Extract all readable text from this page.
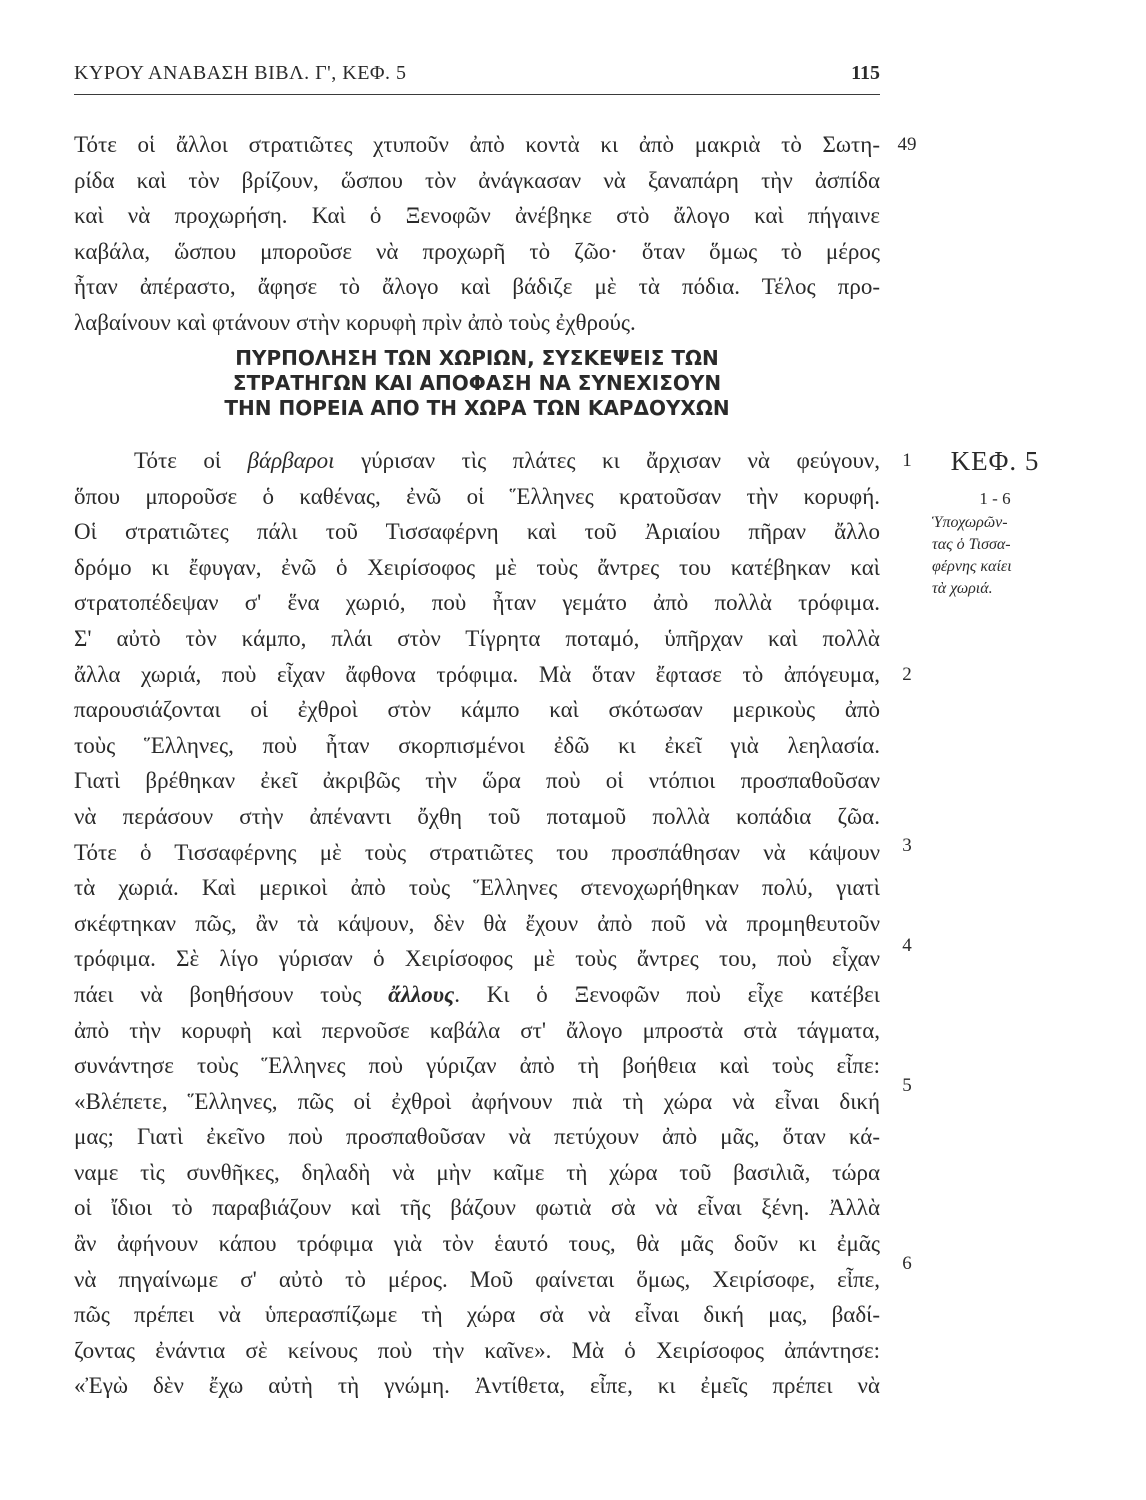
ΚΥΡΟΥ ΑΝΑΒΑΣΗ ΒΙΒΛ. Γ', ΚΕΦ. 5	115
Τότε οἱ ἄλλοι στρατιῶτες χτυποῦν ἀπὸ κοντὰ κι ἀπὸ μακριὰ τὸ Σωτη-
ρίδα καὶ τὸν βρίζουν, ὥσπου τὸν ἀνάγκασαν νὰ ξαναπάρη τὴν ἀσπίδα
καὶ νὰ προχωρήση. Καὶ ὁ Ξενοφῶν ἀνέβηκε στὸ ἄλογο καὶ πήγαινε
καβάλα, ὥσπου μποροῦσε νὰ προχωρῆ τὸ ζῶο· ὅταν ὅμως τὸ μέρος
ἦταν ἀπέραστο, ἄφησε τὸ ἄλογο καὶ βάδιζε μὲ τὰ πόδια. Τέλος προ-
λαβαίνουν καὶ φτάνουν στὴν κορυφὴ πρὶν ἀπὸ τοὺς ἐχθρούς.
ΠΥΡΠΟΛΗΣΗ ΤΩΝ ΧΩΡΙΩΝ, ΣΥΣΚΕΨΕΙΣ ΤΩΝ
ΣΤΡΑΤΗΓΩΝ ΚΑΙ ΑΠΟΦΑΣΗ ΝΑ ΣΥΝΕΧΙΣΟΥΝ
ΤΗΝ ΠΟΡΕΙΑ ΑΠΟ ΤΗ ΧΩΡΑ ΤΩΝ ΚΑΡΔΟΥΧΩΝ
Τότε οἱ βάρβαροι γύρισαν τὶς πλάτες κι ἄρχισαν νὰ φεύγουν,
ὅπου μποροῦσε ὁ καθένας, ἐνῶ οἱ Ἕλληνες κρατοῦσαν τὴν κορυφή.
Οἱ στρατιῶτες πάλι τοῦ Τισσαφέρνη καὶ τοῦ Ἀριαίου πῆραν ἄλλο
δρόμο κι ἔφυγαν, ἐνῶ ὁ Χειρίσοφος μὲ τοὺς ἄντρες του κατέβηκαν καὶ
στρατοπέδεψαν σ' ἕνα χωριό, ποὺ ἦταν γεμάτο ἀπὸ πολλὰ τρόφιμα.
Σ' αὐτὸ τὸν κάμπο, πλάι στὸν Τίγρητα ποταμό, ὑπῆρχαν καὶ πολλὰ
ἄλλα χωριά, ποὺ εἶχαν ἄφθονα τρόφιμα. Μὰ ὅταν ἔφτασε τὸ ἀπόγευμα,
παρουσιάζονται οἱ ἐχθροὶ στὸν κάμπο καὶ σκότωσαν μερικοὺς ἀπὸ
τοὺς Ἕλληνες, ποὺ ἦταν σκορπισμένοι ἐδῶ κι ἐκεῖ γιὰ λεηλασία.
Γιατὶ βρέθηκαν ἐκεῖ ἀκριβῶς τὴν ὥρα ποὺ οἱ ντόπιοι προσπαθοῦσαν
νὰ περάσουν στὴν ἀπέναντι ὄχθη τοῦ ποταμοῦ πολλὰ κοπάδια ζῶα.
Τότε ὁ Τισσαφέρνης μὲ τοὺς στρατιῶτες του προσπάθησαν νὰ κάψουν
τὰ χωριά. Καὶ μερικοὶ ἀπὸ τοὺς Ἕλληνες στενοχωρήθηκαν πολύ, γιατὶ
σκέφτηκαν πῶς, ἂν τὰ κάψουν, δὲν θὰ ἔχουν ἀπὸ ποῦ νὰ προμηθευτοῦν
τρόφιμα. Σὲ λίγο γύρισαν ὁ Χειρίσοφος μὲ τοὺς ἄντρες του, ποὺ εἶχαν
πάει νὰ βοηθήσουν τοὺς ἄλλους. Κι ὁ Ξενοφῶν ποὺ εἶχε κατέβει
ἀπὸ τὴν κορυφὴ καὶ περνοῦσε καβάλα στ' ἄλογο μπροστὰ στὰ τάγματα,
συνάντησε τοὺς Ἕλληνες ποὺ γύριζαν ἀπὸ τὴ βοήθεια καὶ τοὺς εἶπε:
«Βλέπετε, Ἕλληνες, πῶς οἱ ἐχθροὶ ἀφήνουν πιὰ τὴ χώρα νὰ εἶναι δική
μας; Γιατὶ ἐκεῖνο ποὺ προσπαθοῦσαν νὰ πετύχουν ἀπὸ μᾶς, ὅταν κά-
ναμε τὶς συνθῆκες, δηλαδὴ νὰ μὴν καῖμε τὴ χώρα τοῦ βασιλιᾶ, τώρα
οἱ ἴδιοι τὸ παραβιάζουν καὶ τῆς βάζουν φωτιὰ σὰ νὰ εἶναι ξένη. Ἀλλὰ
ἂν ἀφήνουν κάπου τρόφιμα γιὰ τὸν ἑαυτό τους, θὰ μᾶς δοῦν κι ἐμᾶς
νὰ πηγαίνωμε σ' αὐτὸ τὸ μέρος. Μοῦ φαίνεται ὅμως, Χειρίσοφε, εἶπε,
πῶς πρέπει νὰ ὑπερασπίζωμε τὴ χώρα σὰ νὰ εἶναι δική μας, βαδί-
ζοντας ἐνάντια σὲ κείνους ποὺ τὴν καῖνε». Μὰ ὁ Χειρίσοφος ἀπάντησε:
«Ἐγὼ δὲν ἔχω αὐτὴ τὴ γνώμη. Ἀντίθετα, εἶπε, κι ἐμεῖς πρέπει νὰ
49
1
2
3
4
5
6
ΚΕΦ. 5
1 - 6
Ὑποχωρῶν-
τας ὁ Τισσα-
φέρνης καίει
τὰ χωριά.
